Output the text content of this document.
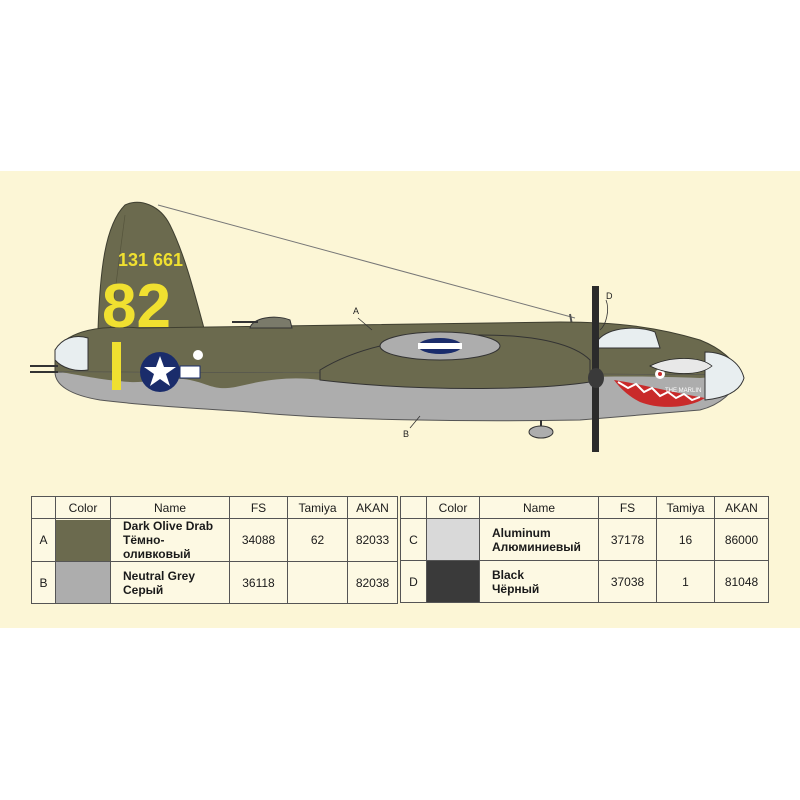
THE MARLIN
131 661
82	A
B
D
	Color	Name	FS	Tamiya	AKAN
A		Dark Olive Drab
Тёмно-оливковый	34088	62	82033
B		Neutral Grey
Серый	36118		82038
	Color	Name	FS	Tamiya	AKAN
C		Aluminum
Алюминиевый	37178	16	86000
D		Black
Чёрный	37038	1	81048
